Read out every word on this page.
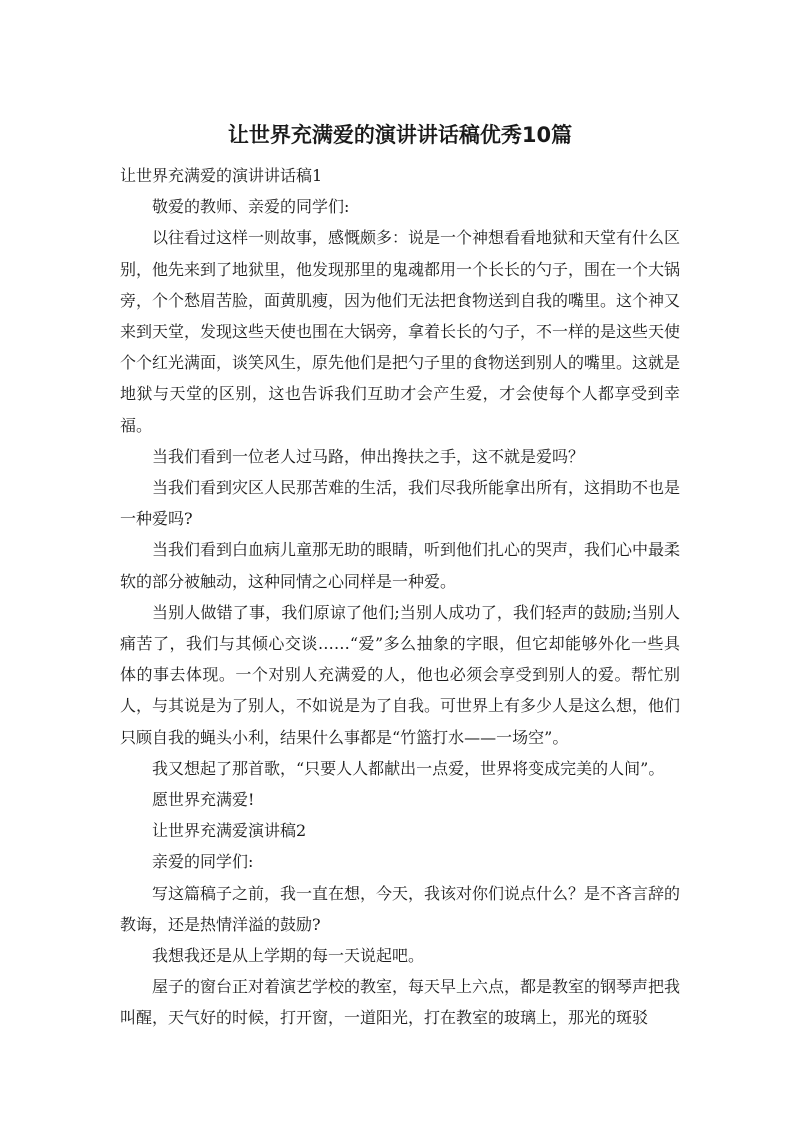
让世界充满爱的演讲讲话稿优秀10篇

让世界充满爱的演讲讲话稿1

敬爱的教师、亲爱的同学们:

以往看过这样一则故事，感慨颇多：说是一个神想看看地狱和天堂有什么区别，他先来到了地狱里，他发现那里的鬼魂都用一个长长的勺子，围在一个大锅旁，个个愁眉苦脸，面黄肌瘦，因为他们无法把食物送到自我的嘴里。这个神又来到天堂，发现这些天使也围在大锅旁，拿着长长的勺子，不一样的是这些天使个个红光满面，谈笑风生，原先他们是把勺子里的食物送到别人的嘴里。这就是地狱与天堂的区别，这也告诉我们互助才会产生爱，才会使每个人都享受到幸福。

当我们看到一位老人过马路，伸出搀扶之手，这不就是爱吗？

当我们看到灾区人民那苦难的生活，我们尽我所能拿出所有，这捐助不也是一种爱吗?

当我们看到白血病儿童那无助的眼睛，听到他们扎心的哭声，我们心中最柔软的部分被触动，这种同情之心同样是一种爱。

当别人做错了事，我们原谅了他们;当别人成功了，我们轻声的鼓励;当别人痛苦了，我们与其倾心交谈……“爱”多么抽象的字眼，但它却能够外化一些具体的事去体现。一个对别人充满爱的人，他也必须会享受到别人的爱。帮忙别人，与其说是为了别人，不如说是为了自我。可世界上有多少人是这么想，他们只顾自我的蝇头小利，结果什么事都是“竹篮打水——一场空”。

我又想起了那首歌，“只要人人都献出一点爱，世界将变成完美的人间”。

愿世界充满爱!

让世界充满爱演讲稿2

亲爱的同学们:

写这篇稿子之前，我一直在想，今天，我该对你们说点什么？是不吝言辞的教诲，还是热情洋溢的鼓励?

我想我还是从上学期的每一天说起吧。

屋子的窗台正对着演艺学校的教室，每天早上六点，都是教室的钢琴声把我叫醒，天气好的时候，打开窗，一道阳光，打在教室的玻璃上，那光的斑驳
